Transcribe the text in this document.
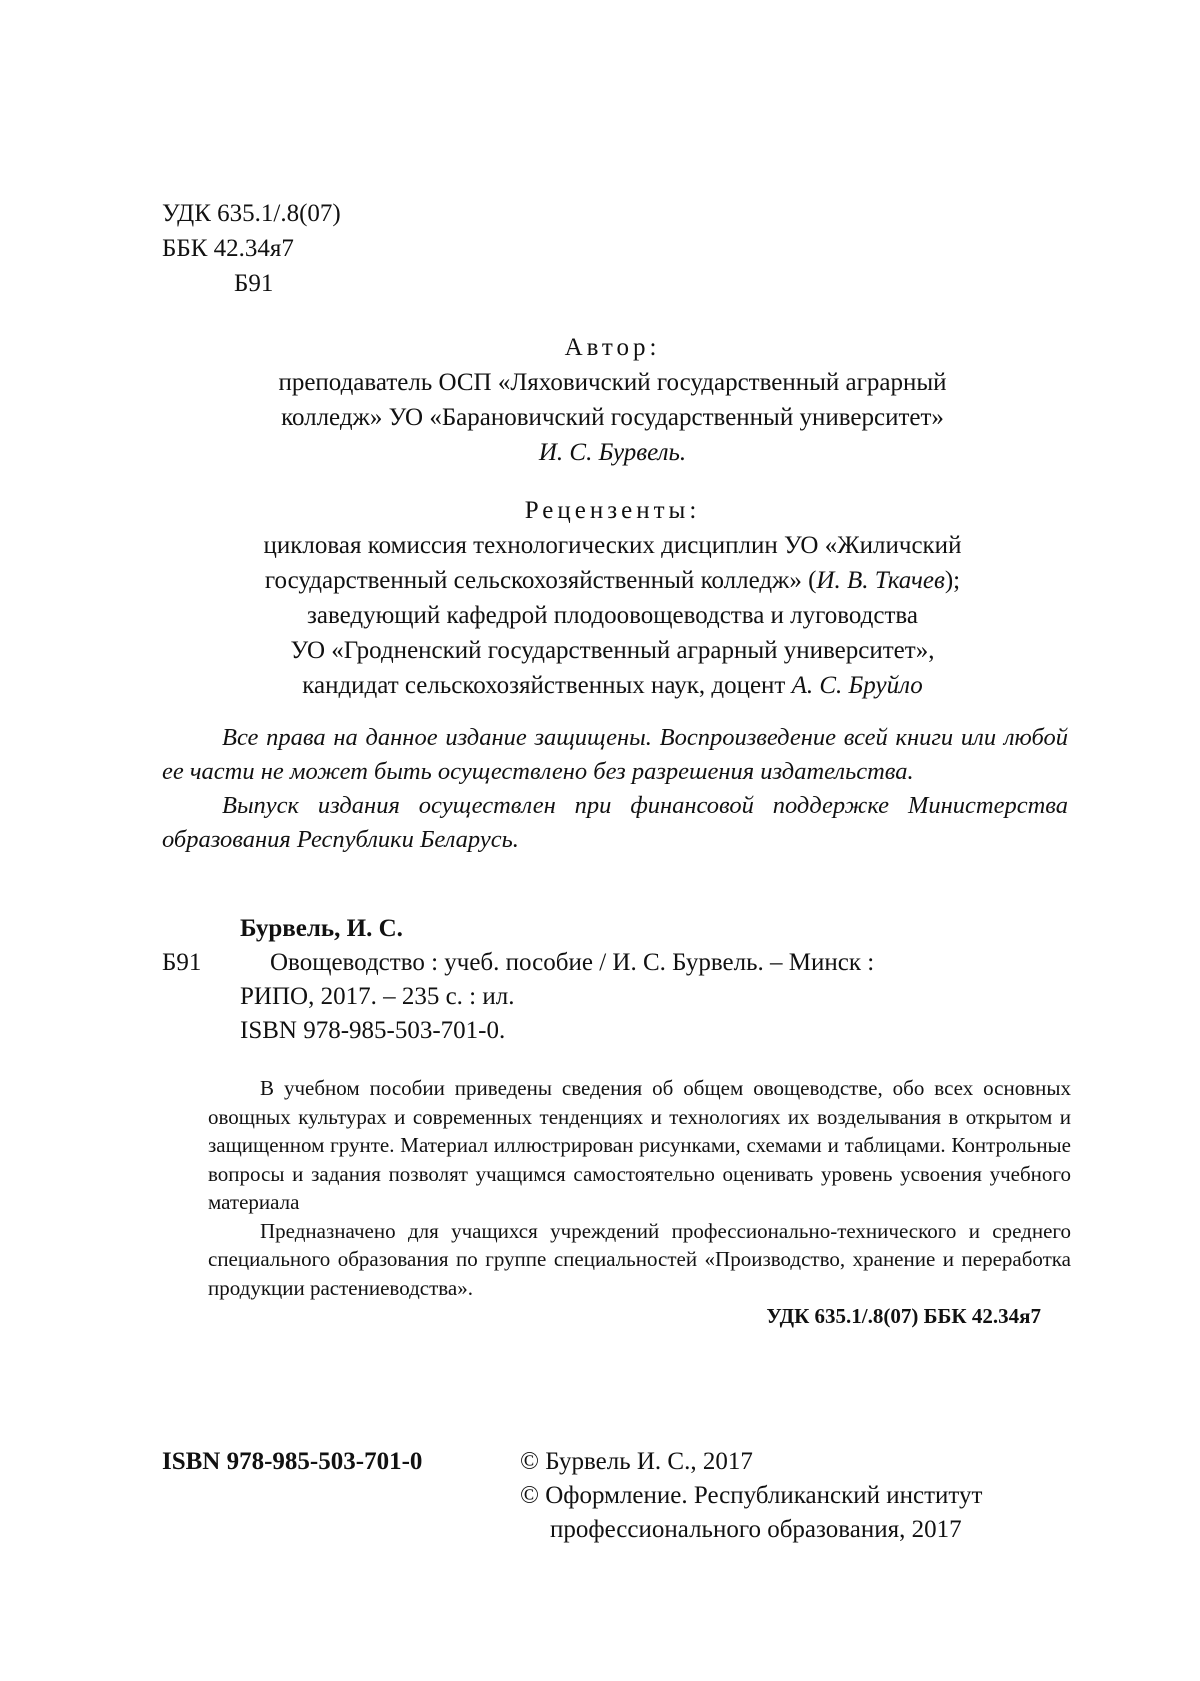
УДК 635.1/.8(07)
ББК 42.34я7
Б91
Автор:
преподаватель ОСП «Ляховичский государственный аграрный
колледж» УО «Барановичский государственный университет»
И. С. Бурвель.
Рецензенты:
цикловая комиссия технологических дисциплин УО «Жиличский
государственный сельскохозяйственный колледж» (И. В. Ткачев);
заведующий кафедрой плодоовощеводства и луговодства
УО «Гродненский государственный аграрный университет»,
кандидат сельскохозяйственных наук, доцент А. С. Бруйло

Все права на данное издание защищены. Воспроизведение всей книги или любой ее части не может быть осуществлено без разрешения издательства.

Выпуск издания осуществлен при финансовой поддержке Министерства образования Республики Беларусь.

Бурвель, И. С.
Б91	Овощеводство : учеб. пособие / И. С. Бурвель. – Минск :
РИПО, 2017. – 235 с. : ил.
ISBN 978-985-503-701-0.

В учебном пособии приведены сведения об общем овощеводстве, обо всех основных овощных культурах и современных тенденциях и технологиях их возделывания в открытом и защищенном грунте. Материал иллюстрирован рисунками, схемами и таблицами. Контрольные вопросы и задания позволят учащимся самостоятельно оценивать уровень усвоения учебного материала

Предназначено для учащихся учреждений профессионально-технического и среднего специального образования по группе специальностей «Производство, хранение и переработка продукции растениеводства».

УДК 635.1/.8(07) ББК 42.34я7

ISBN 978-985-503-701-0	© Бурвель И. С., 2017
© Оформление. Республиканский институт
профессионального образования, 2017
